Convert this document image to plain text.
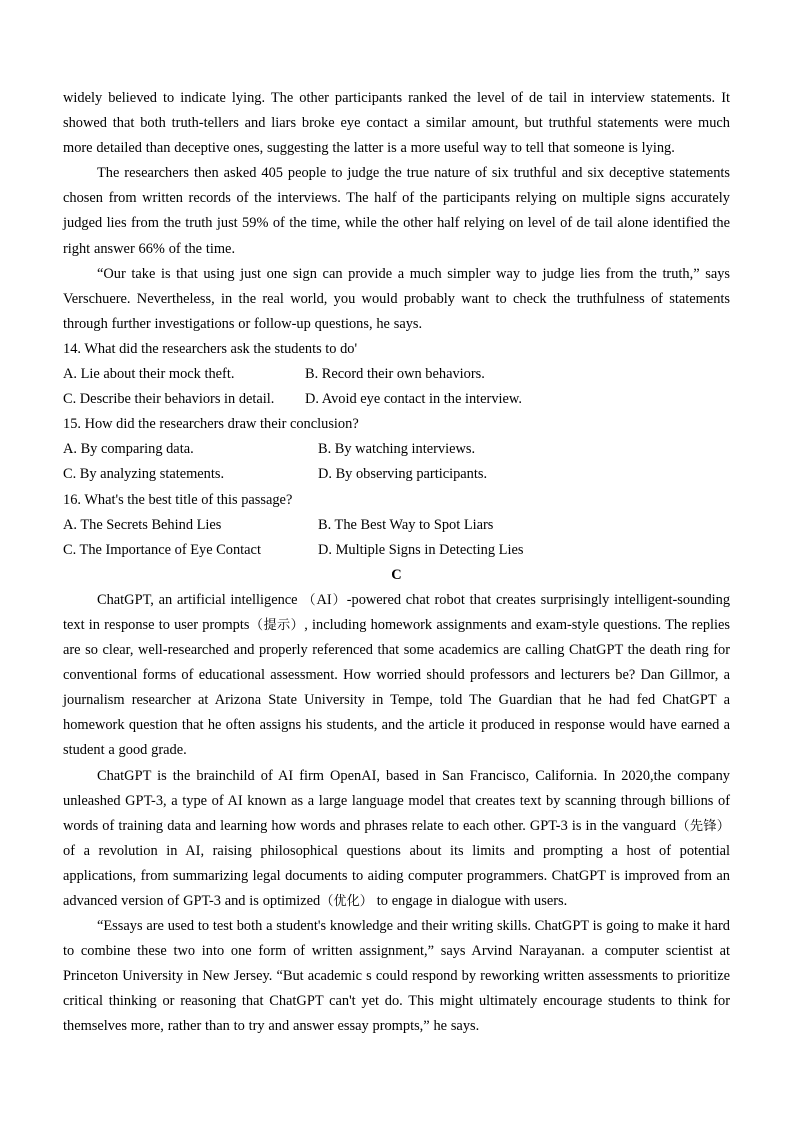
widely believed to indicate lying. The other participants ranked the level of de tail in interview statements. It showed that both truth-tellers and liars broke eye contact a similar amount, but truthful statements were much more detailed than deceptive ones, suggesting the latter is a more useful way to tell that someone is lying.

The researchers then asked 405 people to judge the true nature of six truthful and six deceptive statements chosen from written records of the interviews. The half of the participants relying on multiple signs accurately judged lies from the truth just 59% of the time, while the other half relying on level of de tail alone identified the right answer 66% of the time.

“Our take is that using just one sign can provide a much simpler way to judge lies from the truth,” says Verschuere. Nevertheless, in the real world, you would probably want to check the truthfulness of statements through further investigations or follow-up questions, he says.

14. What did the researchers ask the students to do'

A. Lie about their mock theft.	B. Record their own behaviors.
C. Describe their behaviors in detail. D. Avoid eye contact in the interview.

15. How did the researchers draw their conclusion?

A. By comparing data.	B. By watching interviews.
C. By analyzing statements.	D. By observing participants.

16. What's the best title of this passage?

A. The Secrets Behind Lies	B. The Best Way to Spot Liars
C. The Importance of Eye Contact	D. Multiple Signs in Detecting Lies

C

ChatGPT, an artificial intelligence （AI）-powered chat robot that creates surprisingly intelligent-sounding text in response to user prompts（提示）, including homework assignments and exam-style questions. The replies are so clear, well-researched and properly referenced that some academics are calling ChatGPT the death ring for conventional forms of educational assessment. How worried should professors and lecturers be? Dan Gillmor, a journalism researcher at Arizona State University in Tempe, told The Guardian that he had fed ChatGPT a homework question that he often assigns his students, and the article it produced in response would have earned a student a good grade.

ChatGPT is the brainchild of AI firm OpenAI, based in San Francisco, California. In 2020,the company unleashed GPT-3, a type of AI known as a large language model that creates text by scanning through billions of words of training data and learning how words and phrases relate to each other. GPT-3 is in the vanguard（先锋） of a revolution in AI, raising philosophical questions about its limits and prompting a host of potential applications, from summarizing legal documents to aiding computer programmers. ChatGPT is improved from an advanced version of GPT-3 and is optimized（优化） to engage in dialogue with users.

“Essays are used to test both a student's knowledge and their writing skills. ChatGPT is going to make it hard to combine these two into one form of written assignment,” says Arvind Narayanan. a computer scientist at Princeton University in New Jersey. “But academic s could respond by reworking written assessments to prioritize critical thinking or reasoning that ChatGPT can't yet do. This might ultimately encourage students to think for themselves more, rather than to try and answer essay prompts,” he says.
